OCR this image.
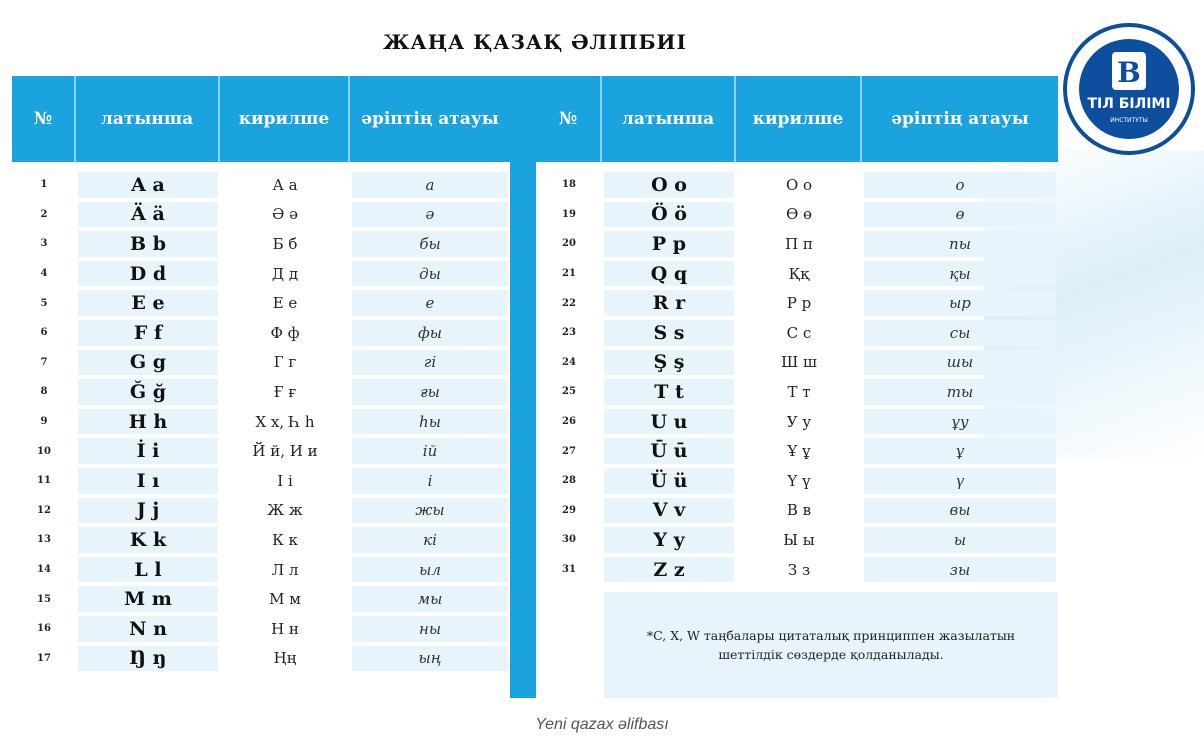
ЖАҢА ҚАЗАҚ ӘЛІПБИІ
№	латынша	кирилше	әріптің атауы
1	A a	А а	а
2	Ä ä	Ә ә	ә
3	B b	Б б	бы
4	D d	Д д	ды
5	E e	Е е	е
6	F f	Ф ф	фы
7	G g	Г г	гі
8	Ğ ğ	Ғ ғ	ғы
9	H h	Х х, Һ һ	һы
10	İ i	Й й, И и	ій
11	I ı	І і	і
12	J j	Ж ж	жы
13	K k	К к	кі
14	L l	Л л	ыл
15	M m	М м	мы
16	N n	Н н	ны
17	Ŋ ŋ	Ңң	ың
№	латынша	кирилше	әріптің атауы
18	O o	О о	о
19	Ö ö	Ө ө	ө
20	P p	П п	пы
21	Q q	Ққ	қы
22	R r	Р р	ыр
23	S s	С с	сы
24	Ş ş	Ш ш	шы
25	T t	Т т	ты
26	U u	У у	ұу
27	Ū ū	Ұ ұ	ұ
28	Ü ü	Ү ү	ү
29	V v	В в	вы
30	Y y	Ы ы	ы
31	Z z	З з	зы
*C, X, W таңбалары цитаталық принциппен жазылатын
шеттілдік сөздерде қолданылады.
B
ТІЛ БІЛІМІ
ИНСТИТУТЫ
Yeni qazax əlifbası
